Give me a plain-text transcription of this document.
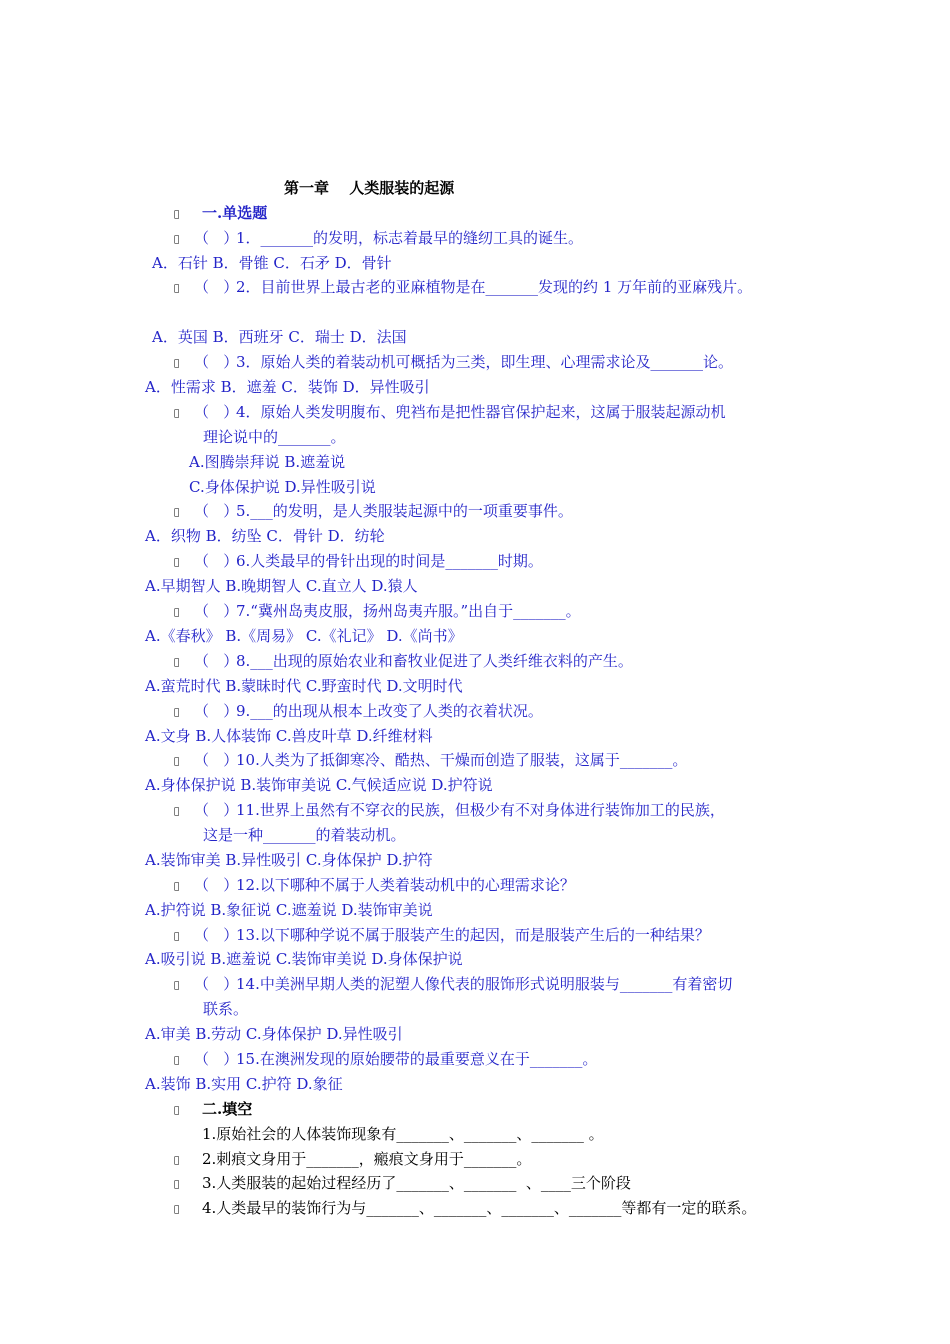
第一章　 人类服装的起源
一.单选题
（   ）1．_______的发明，标志着最早的缝纫工具的诞生。
A．石针 B．骨锥 C．石矛 D．骨针
（   ）2．目前世界上最古老的亚麻植物是在_______发现的约 1 万年前的亚麻残片。
A．英国 B．西班牙 C．瑞士 D．法国
（   ）3．原始人类的着装动机可概括为三类，即生理、心理需求论及_______论。
A．性需求 B．遮羞 C．装饰 D．异性吸引
（   ）4．原始人类发明腹布、兜裆布是把性器官保护起来，这属于服装起源动机
理论说中的_______。
A.图腾崇拜说 B.遮羞说
C.身体保护说 D.异性吸引说
（   ）5.___的发明，是人类服装起源中的一项重要事件。
A．织物 B．纺坠 C．骨针 D．纺轮
（   ）6.人类最早的骨针出现的时间是_______时期。
A.早期智人 B.晚期智人 C.直立人 D.猿人
（   ）7.“冀州岛夷皮服，扬州岛夷卉服。”出自于_______。
A.《春秋》 B.《周易》 C.《礼记》 D.《尚书》
（   ）8.___出现的原始农业和畜牧业促进了人类纤维衣料的产生。
A.蛮荒时代 B.蒙昧时代 C.野蛮时代 D.文明时代
（   ）9.___的出现从根本上改变了人类的衣着状况。
A.文身 B.人体装饰 C.兽皮叶草 D.纤维材料
（   ）10.人类为了抵御寒冷、酷热、干燥而创造了服装，这属于_______。
A.身体保护说 B.装饰审美说 C.气候适应说 D.护符说
（   ）11.世界上虽然有不穿衣的民族，但极少有不对身体进行装饰加工的民族，
这是一种_______的着装动机。
A.装饰审美 B.异性吸引 C.身体保护 D.护符
（   ）12.以下哪种不属于人类着装动机中的心理需求论？
A.护符说 B.象征说 C.遮羞说 D.装饰审美说
（   ）13.以下哪种学说不属于服装产生的起因，而是服装产生后的一种结果？
A.吸引说 B.遮羞说 C.装饰审美说 D.身体保护说
（   ）14.中美洲早期人类的泥塑人像代表的服饰形式说明服装与_______有着密切
联系。
A.审美 B.劳动 C.身体保护 D.异性吸引
（   ）15.在澳洲发现的原始腰带的最重要意义在于_______。
A.装饰 B.实用 C.护符 D.象征
二.填空
1.原始社会的人体装饰现象有_______、_______、_______ 。
2.刺痕文身用于_______，瘢痕文身用于_______。
3.人类服装的起始过程经历了_______、_______  、____三个阶段
4.人类最早的装饰行为与_______、_______、_______、_______等都有一定的联系。
